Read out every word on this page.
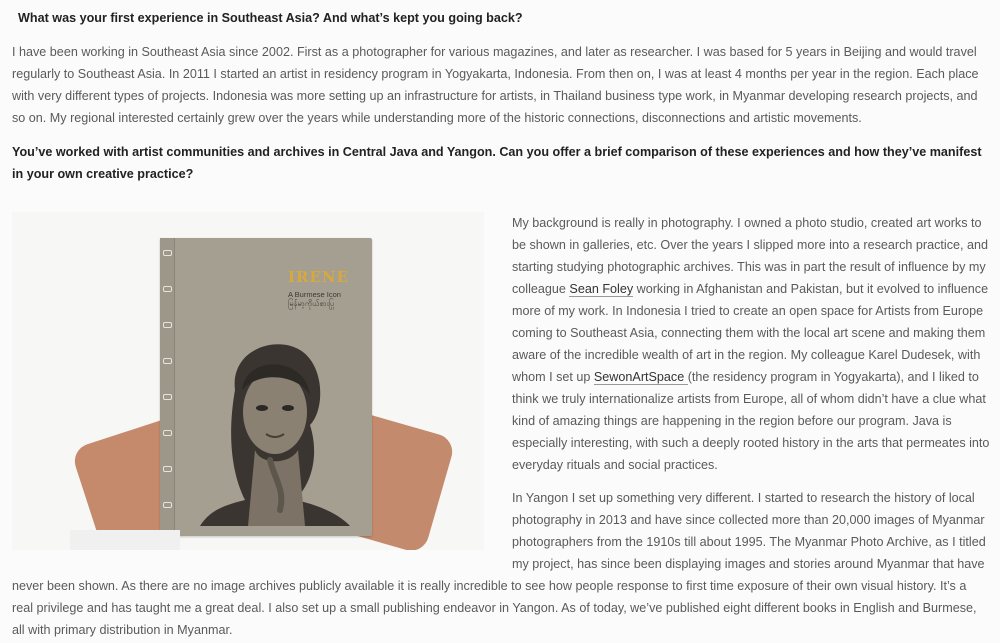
What was your first experience in Southeast Asia? And what’s kept you going back?
I have been working in Southeast Asia since 2002. First as a photographer for various magazines, and later as researcher. I was based for 5 years in Beijing and would travel regularly to Southeast Asia. In 2011 I started an artist in residency program in Yogyakarta, Indonesia. From then on, I was at least 4 months per year in the region. Each place with very different types of projects. Indonesia was more setting up an infrastructure for artists, in Thailand business type work, in Myanmar developing research projects, and so on. My regional interested certainly grew over the years while understanding more of the historic connections, disconnections and artistic movements.
You’ve worked with artist communities and archives in Central Java and Yangon. Can you offer a brief comparison of these experiences and how they’ve manifest in your own creative practice?
IRENE
A Burmese Icon
မြန်မာ့ကိုယ်စားပြု
My background is really in photography. I owned a photo studio, created art works to be shown in galleries, etc. Over the years I slipped more into a research practice, and starting studying photographic archives. This was in part the result of influence by my colleague Sean Foley working in Afghanistan and Pakistan, but it evolved to influence more of my work. In Indonesia I tried to create an open space for Artists from Europe coming to Southeast Asia, connecting them with the local art scene and making them aware of the incredible wealth of art in the region. My colleague Karel Dudesek, with whom I set up SewonArtSpace (the residency program in Yogyakarta), and I liked to think we truly internationalize artists from Europe, all of whom didn’t have a clue what kind of amazing things are happening in the region before our program. Java is especially interesting, with such a deeply rooted history in the arts that permeates into everyday rituals and social practices.
In Yangon I set up something very different. I started to research the history of local photography in 2013 and have since collected more than 20,000 images of Myanmar photographers from the 1910s till about 1995. The Myanmar Photo Archive, as I titled my project, has since been displaying images and stories around Myanmar that have never been shown. As there are no image archives publicly available it is really incredible to see how people response to first time exposure of their own visual history. It’s a real privilege and has taught me a great deal. I also set up a small publishing endeavor in Yangon. As of today, we’ve published eight different books in English and Burmese, all with primary distribution in Myanmar.
